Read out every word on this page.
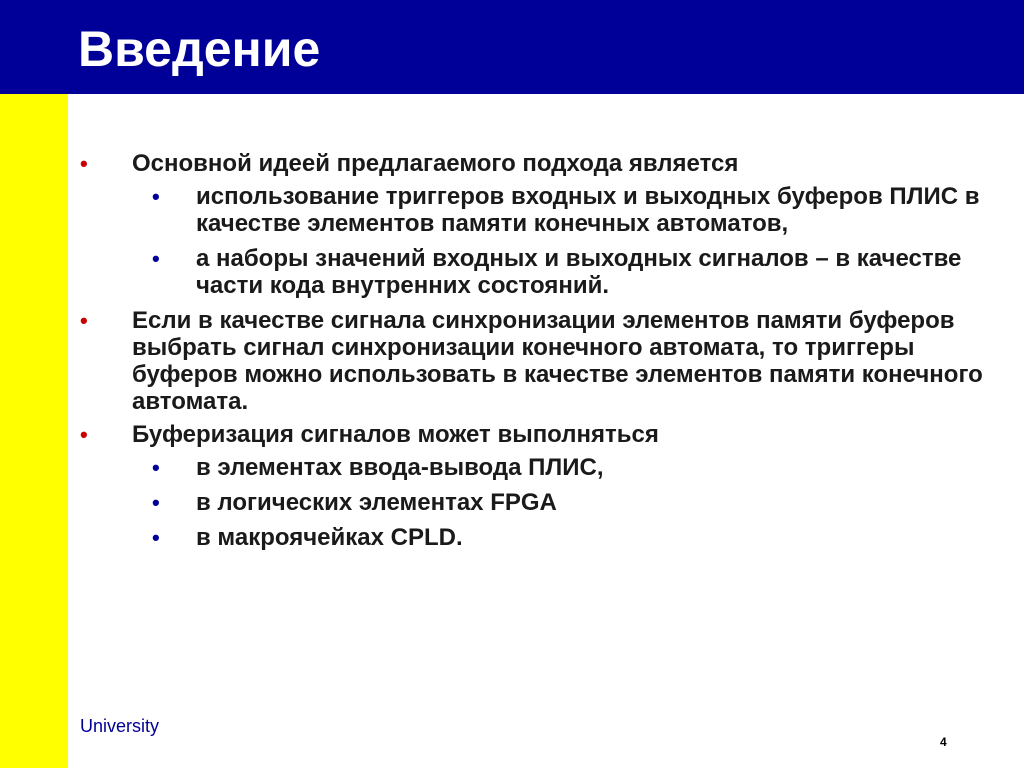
Введение
• Основной идеей предлагаемого подхода является
• использование триггеров входных и выходных буферов ПЛИС в качестве элементов памяти конечных автоматов,
• а наборы значений входных и выходных сигналов – в качестве части кода внутренних состояний.
• Если в качестве сигнала синхронизации элементов памяти буферов выбрать сигнал синхронизации конечного автомата, то триггеры буферов можно использовать в качестве элементов памяти конечного автомата.
• Буферизация сигналов может выполняться
• в элементах ввода-вывода ПЛИС,
• в логических элементах FPGA
• в макроячейках CPLD.
University
4
